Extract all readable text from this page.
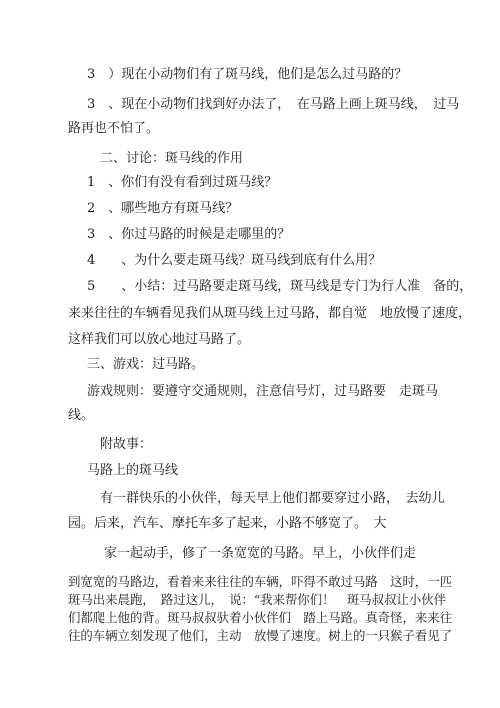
3　）现在小动物们有了斑马线，他们是怎么过马路的？
3　、现在小动物们找到好办法了，　在马路上画上斑马线，　过马
路再也不怕了。
二、讨论：斑马线的作用
1　、你们有没有看到过斑马线？
2　、哪些地方有斑马线？
3　、你过马路的时候是走哪里的？
4　　、为什么要走斑马线？斑马线到底有什么用？
5　　、小结：过马路要走斑马线，斑马线是专门为行人准　备的，
来来往往的车辆看见我们从斑马线上过马路，都自觉　地放慢了速度，
这样我们可以放心地过马路了。
三、游戏：过马路。
游戏规则：要遵守交通规则，注意信号灯，过马路要　走斑马
线。
附故事：
马路上的斑马线
有一群快乐的小伙伴，每天早上他们都要穿过小路，　去幼儿
园。后来，汽车、摩托车多了起来，小路不够宽了。　大
家一起动手，修了一条宽宽的马路。早上，小伙伴们走
到宽宽的马路边，看着来来往往的车辆，吓得不敢过马路　这时，一匹
斑马出来晨跑，　路过这儿，　说：“我来帮你们！　斑马叔叔让小伙伴
们都爬上他的背。斑马叔叔驮着小伙伴们　踏上马路。真奇怪，来来往
往的车辆立刻发现了他们，主动　放慢了速度。树上的一只猴子看见了
